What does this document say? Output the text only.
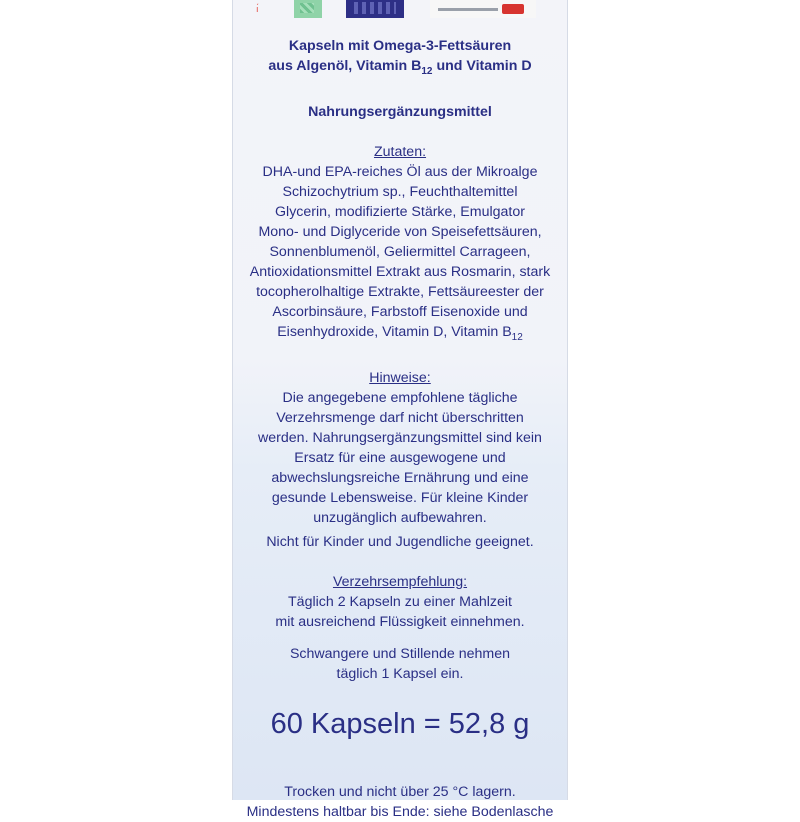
ı́
Kapseln mit Omega-3-Fettsäuren
aus Algenöl, Vitamin $B_{12}$ und Vitamin D
Nahrungsergänzungsmittel
Zutaten:
DHA-und EPA-reiches Öl aus der Mikroalge
Schizochytrium sp., Feuchthaltemittel
Glycerin, modifizierte Stärke, Emulgator
Mono- und Diglyceride von Speisefettsäuren,
Sonnenblumenöl, Geliermittel Carrageen,
Antioxidationsmittel Extrakt aus Rosmarin, stark
tocopherolhaltige Extrakte, Fettsäureester der
Ascorbinsäure, Farbstoff Eisenoxide und
Eisenhydroxide, Vitamin D, Vitamin $B_{12}$
Hinweise:
Die angegebene empfohlene tägliche
Verzehrsmenge darf nicht überschritten
werden. Nahrungsergänzungsmittel sind kein
Ersatz für eine ausgewogene und
abwechslungsreiche Ernährung und eine
gesunde Lebensweise. Für kleine Kinder
unzugänglich aufbewahren.
Nicht für Kinder und Jugendliche geeignet.
Verzehrsempfehlung:
Täglich 2 Kapseln zu einer Mahlzeit
mit ausreichend Flüssigkeit einnehmen.
Schwangere und Stillende nehmen
täglich 1 Kapsel ein.
60 Kapseln = 52,8 g
Trocken und nicht über 25 °C lagern.
Mindestens haltbar bis Ende: siehe Bodenlasche
